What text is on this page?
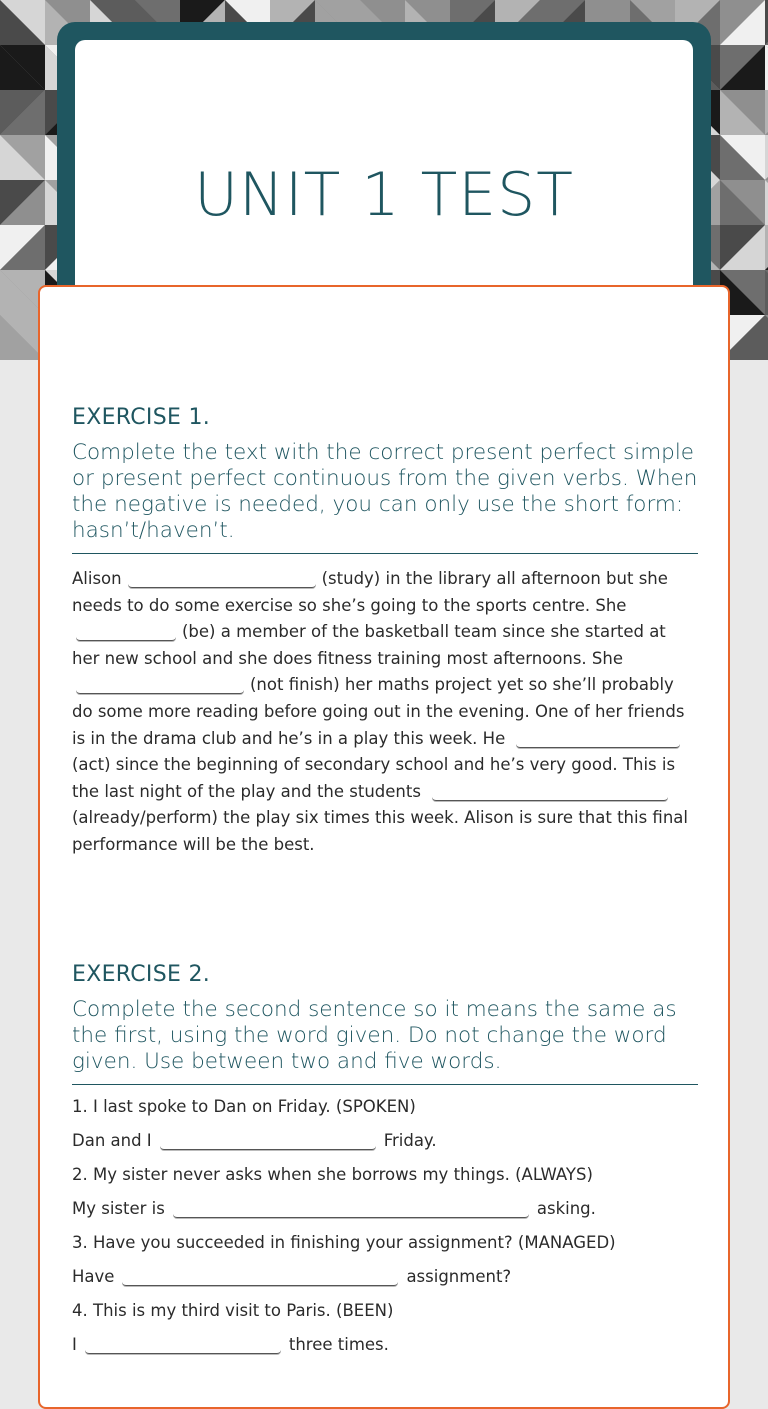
UNIT 1 TEST
EXERCISE 1.
Complete the text with the correct present perfect simple or present perfect continuous from the given verbs. When the negative is needed, you can only use the short form: hasn’t/haven’t.
Alison	(study) in the library all afternoon but she needs to do some exercise so she’s going to the sports centre. She (be) a member of the basketball team since she started at her new school and she does fitness training most afternoons. She (not finish) her maths project yet so she’ll probably do some more reading before going out in the evening. One of her friends is in the drama club and he’s in a play this week. He (act) since the beginning of secondary school and he’s very good. This is the last night of the play and the students (already/perform) the play six times this week. Alison is sure that this final performance will be the best.
EXERCISE 2.
Complete the second sentence so it means the same as the first, using the word given. Do not change the word given. Use between two and five words.
1. I last spoke to Dan on Friday. (SPOKEN)
Dan and I	Friday.
2. My sister never asks when she borrows my things. (ALWAYS)
My sister is	asking.
3. Have you succeeded in finishing your assignment? (MANAGED)
Have	assignment?
4. This is my third visit to Paris. (BEEN)
I	three times.
